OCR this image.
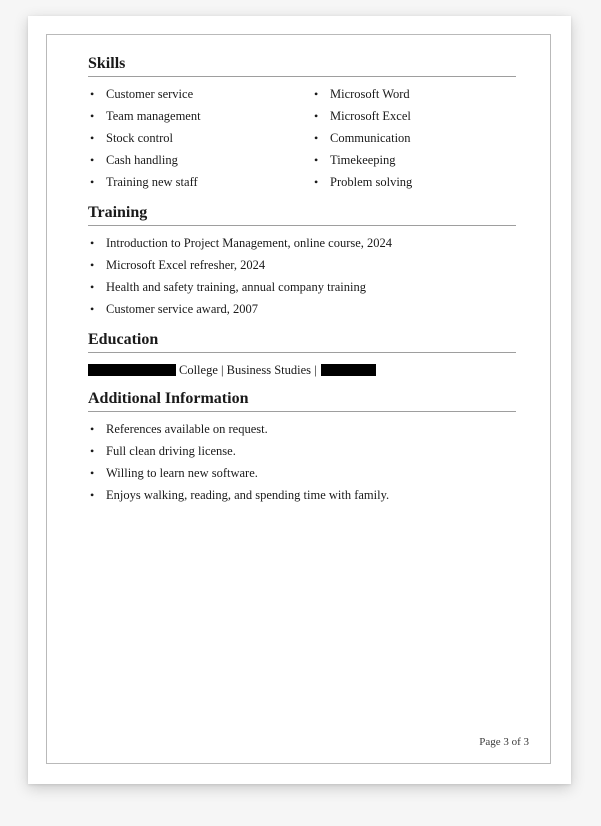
Skills
• Customer service
• Team management
• Stock control
• Cash handling
• Training new staff
• Microsoft Word
• Microsoft Excel
• Communication
• Timekeeping
• Problem solving
Training
• Introduction to Project Management, online course, 2024
• Microsoft Excel refresher, 2024
• Health and safety training, annual company training
• Customer service award, 2007
Education
College | Business Studies |
Additional Information
• References available on request.
• Full clean driving license.
• Willing to learn new software.
• Enjoys walking, reading, and spending time with family.
Page 3 of 3
